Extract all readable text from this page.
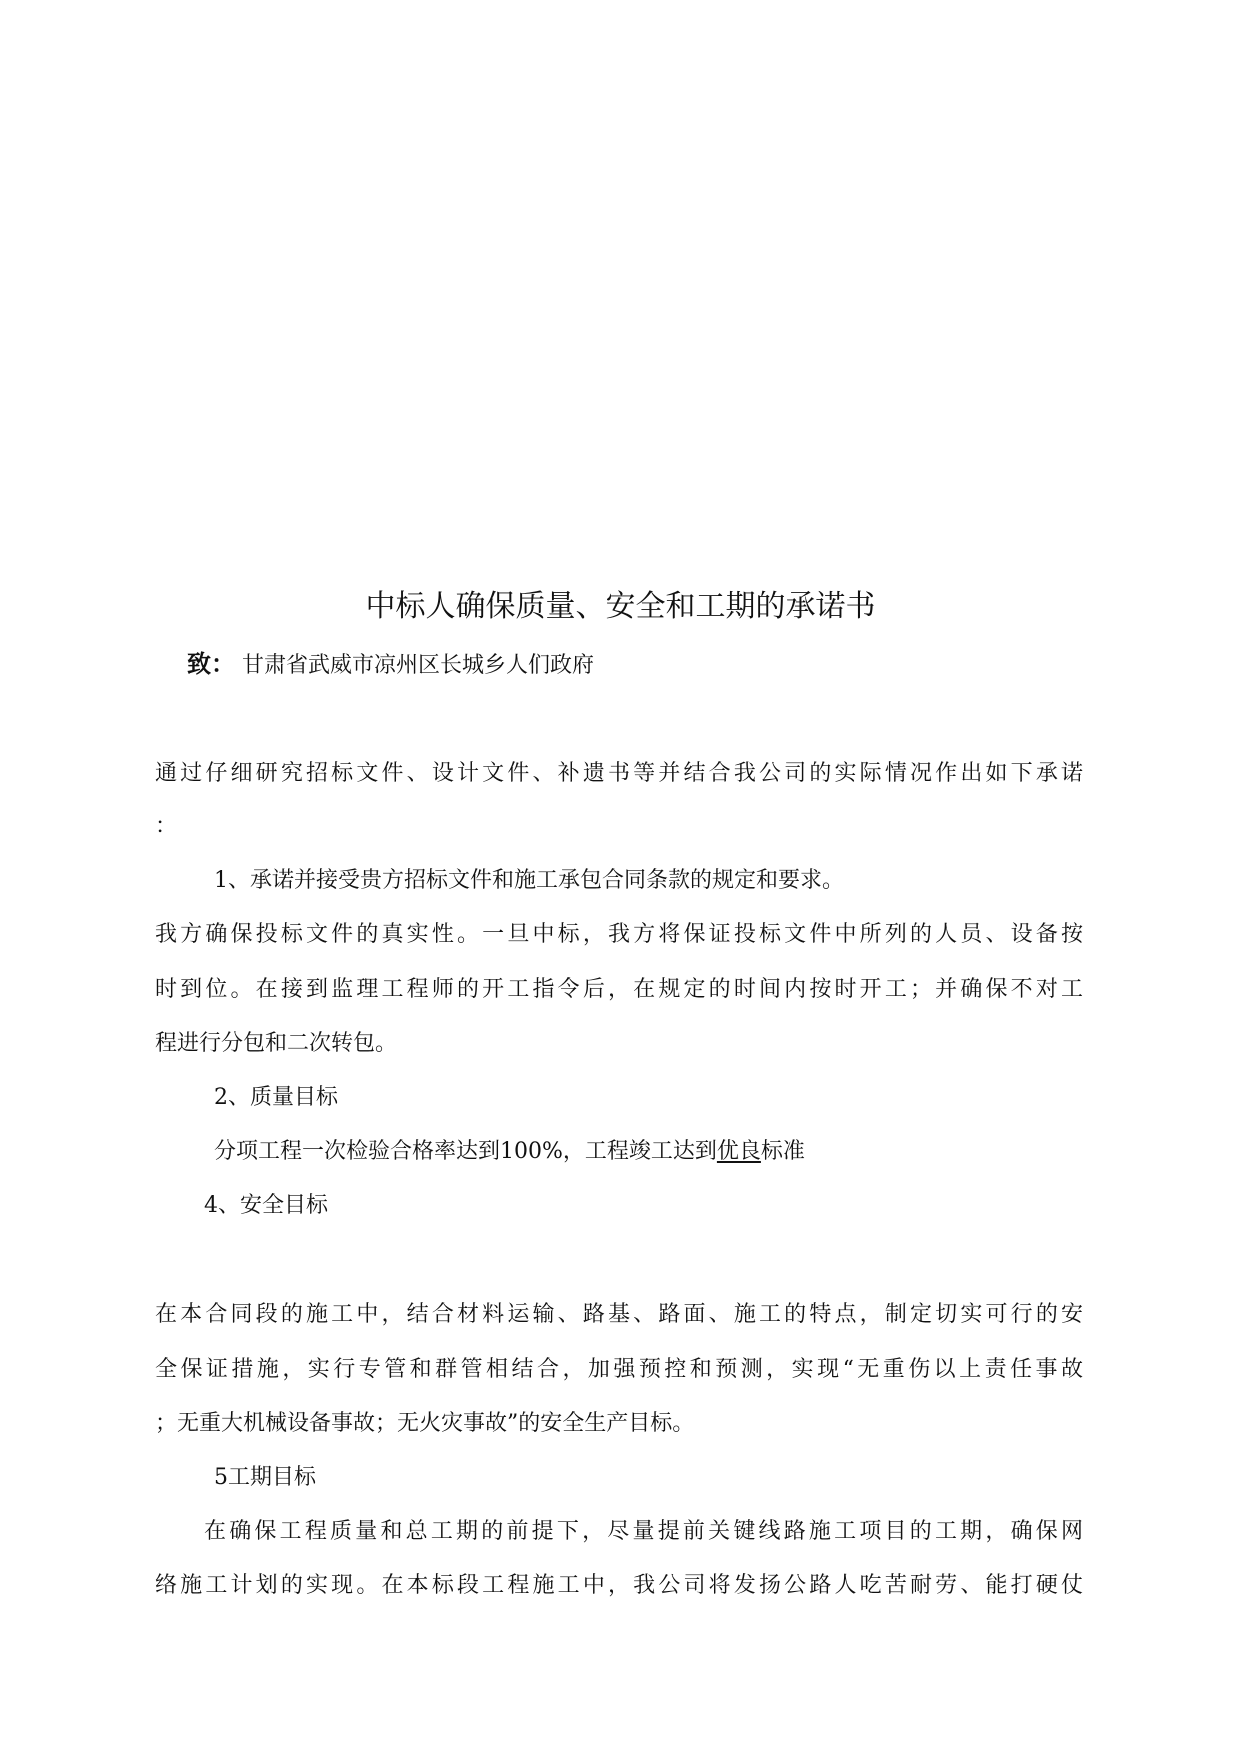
中标人确保质量、安全和工期的承诺书

致： 甘肃省武威市凉州区长城乡人们政府

通过仔细研究招标文件、设计文件、补遗书等并结合我公司的实际情况作出如下承诺

：

1、承诺并接受贵方招标文件和施工承包合同条款的规定和要求。

我方确保投标文件的真实性。一旦中标，我方将保证投标文件中所列的人员、设备按

时到位。在接到监理工程师的开工指令后，在规定的时间内按时开工；并确保不对工

程进行分包和二次转包。

2、质量目标

分项工程一次检验合格率达到100%，工程竣工达到优良标准

4、安全目标

在本合同段的施工中，结合材料运输、路基、路面、施工的特点，制定切实可行的安

全保证措施，实行专管和群管相结合，加强预控和预测，实现“无重伤以上责任事故

；无重大机械设备事故；无火灾事故”的安全生产目标。

5工期目标

在确保工程质量和总工期的前提下，尽量提前关键线路施工项目的工期，确保网

络施工计划的实现。在本标段工程施工中，我公司将发扬公路人吃苦耐劳、能打硬仗
